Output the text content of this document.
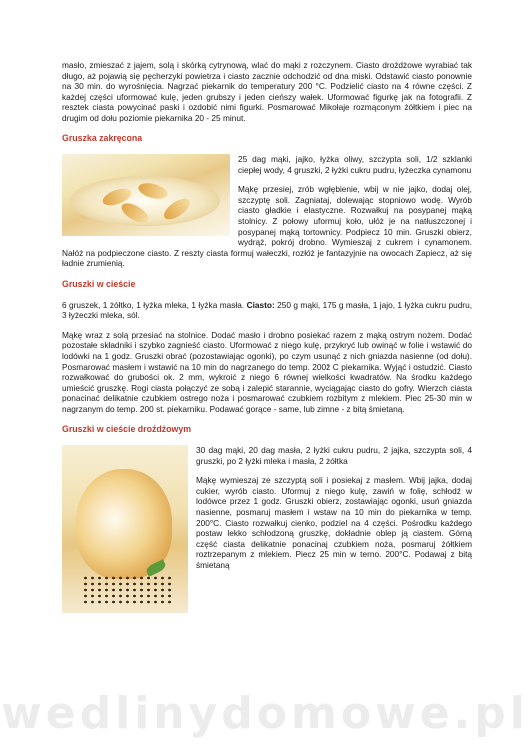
masło, zmieszać z jajem, solą i skórką cytrynową, wlać do mąki z rozczynem. Ciasto drożdżowe wyrabiać tak długo, aż pojawią się pęcherzyki powietrza i ciasto zacznie odchodzić od dna miski. Odstawić ciasto ponownie na 30 min. do wyrośnięcia. Nagrzać piekarnik do temperatury 200 °C. Podzielić ciasto na 4 równe części. Z każdej części uformować kulę, jeden grubszy i jeden cieńszy wałek. Uformować figurkę jak na fotografii. Z resztek ciasta powycinać paski i ozdobić nimi figurki. Posmarować Mikołaje rozmąconym żółtkiem i piec na drugim od dołu poziomie piekarnika 20 - 25 minut.

Gruszka zakręcona

25 dag mąki, jajko, łyżka oliwy, szczypta soli, 1/2 szklanki ciepłej wody, 4 gruszki, 2 łyżki cukru pudru, łyżeczka cynamonu

Mąkę przesiej, zrób wgłębienie, wbij w nie jajko, dodaj olej, szczyptę soli. Zagniataj, dolewając stopniowo wodę. Wyrób ciasto gładkie i elastyczne. Rozwałkuj na posypanej mąką stolnicy. Z połowy uformuj koło, ułóż je na natłuszczonej i posypanej mąką tortownicy. Podpiecz 10 min. Gruszki obierz, wydrąż, pokrój drobno. Wymieszaj z cukrem i cynamonem. Nałóż na podpieczone ciasto. Z reszty ciasta formuj wałeczki, rozłóż je fantazyjnie na owocach Zapiecz, aż się ładnie zrumienią.

Gruszki w cieście

6 gruszek, 1 żółtko, 1 łyżka mleka, 1 łyżka masła. Ciasto: 250 g mąki, 175 g masła, 1 jajo, 1 łyżka cukru pudru, 3 łyżeczki mleka, sól.

Mąkę wraz z solą przesiać na stolnice. Dodać masło i drobno posiekać razem z mąką ostrym nożem. Dodać pozostałe składniki i szybko zagnieść ciasto. Uformować z niego kulę, przykryć lub owinąć w folie i wstawić do lodówki na 1 godz. Gruszki obrać (pozostawiając ogonki), po czym usunąć z nich gniazda nasienne (od dołu). Posmarować masłem i wstawić na 10 min do nagrzanego do temp. 200ž C piekarnika. Wyjąć i ostudzić. Ciasto rozwałkować do grubości ok. 2 mm, wykroić z niego 6 równej wielkości kwadratów. Na środku każdego umieścić gruszkę. Rogi ciasta połączyć ze sobą i zalepić starannie, wyciągając ciasto do gofry. Wierzch ciasta ponacinać delikatnie czubkiem ostrego noża i posmarować czubkiem rozbitym z mlekiem. Piec 25-30 min w nagrzanym do temp. 200 st. piekarniku. Podawać gorące - same, lub zimne - z bitą śmietaną.

Gruszki w cieście drożdżowym

30 dag mąki, 20 dag masła, 2 łyżki cukru pudru, 2 jajka, szczypta soli, 4 gruszki, po 2 łyżki mleka i masła, 2 żółtka

Mąkę wymieszaj ze szczyptą soli i posiekaj z masłem. Wbij jajka, dodaj cukier, wyrób ciasto. Uformuj z niego kulę, zawiń w folię, schłodź w lodówce przez 1 godz. Gruszki obierz, zostawiając ogonki, usuń gniazda nasienne, posmaruj masłem i wstaw na 10 min do piekarnika w temp. 200°C. Ciasto rozwałkuj cienko, podziel na 4 części. Pośrodku każdego postaw lekko schłodzoną gruszkę, dokładnie oblep ją ciastem. Górną część ciasta delikatnie ponacinaj czubkiem noża, posmaruj żółtkiem roztrzepanym z mlekiem. Piecz 25 min w terno. 200°C. Podawaj z bitą śmietaną

wedlinydomowe.pl
